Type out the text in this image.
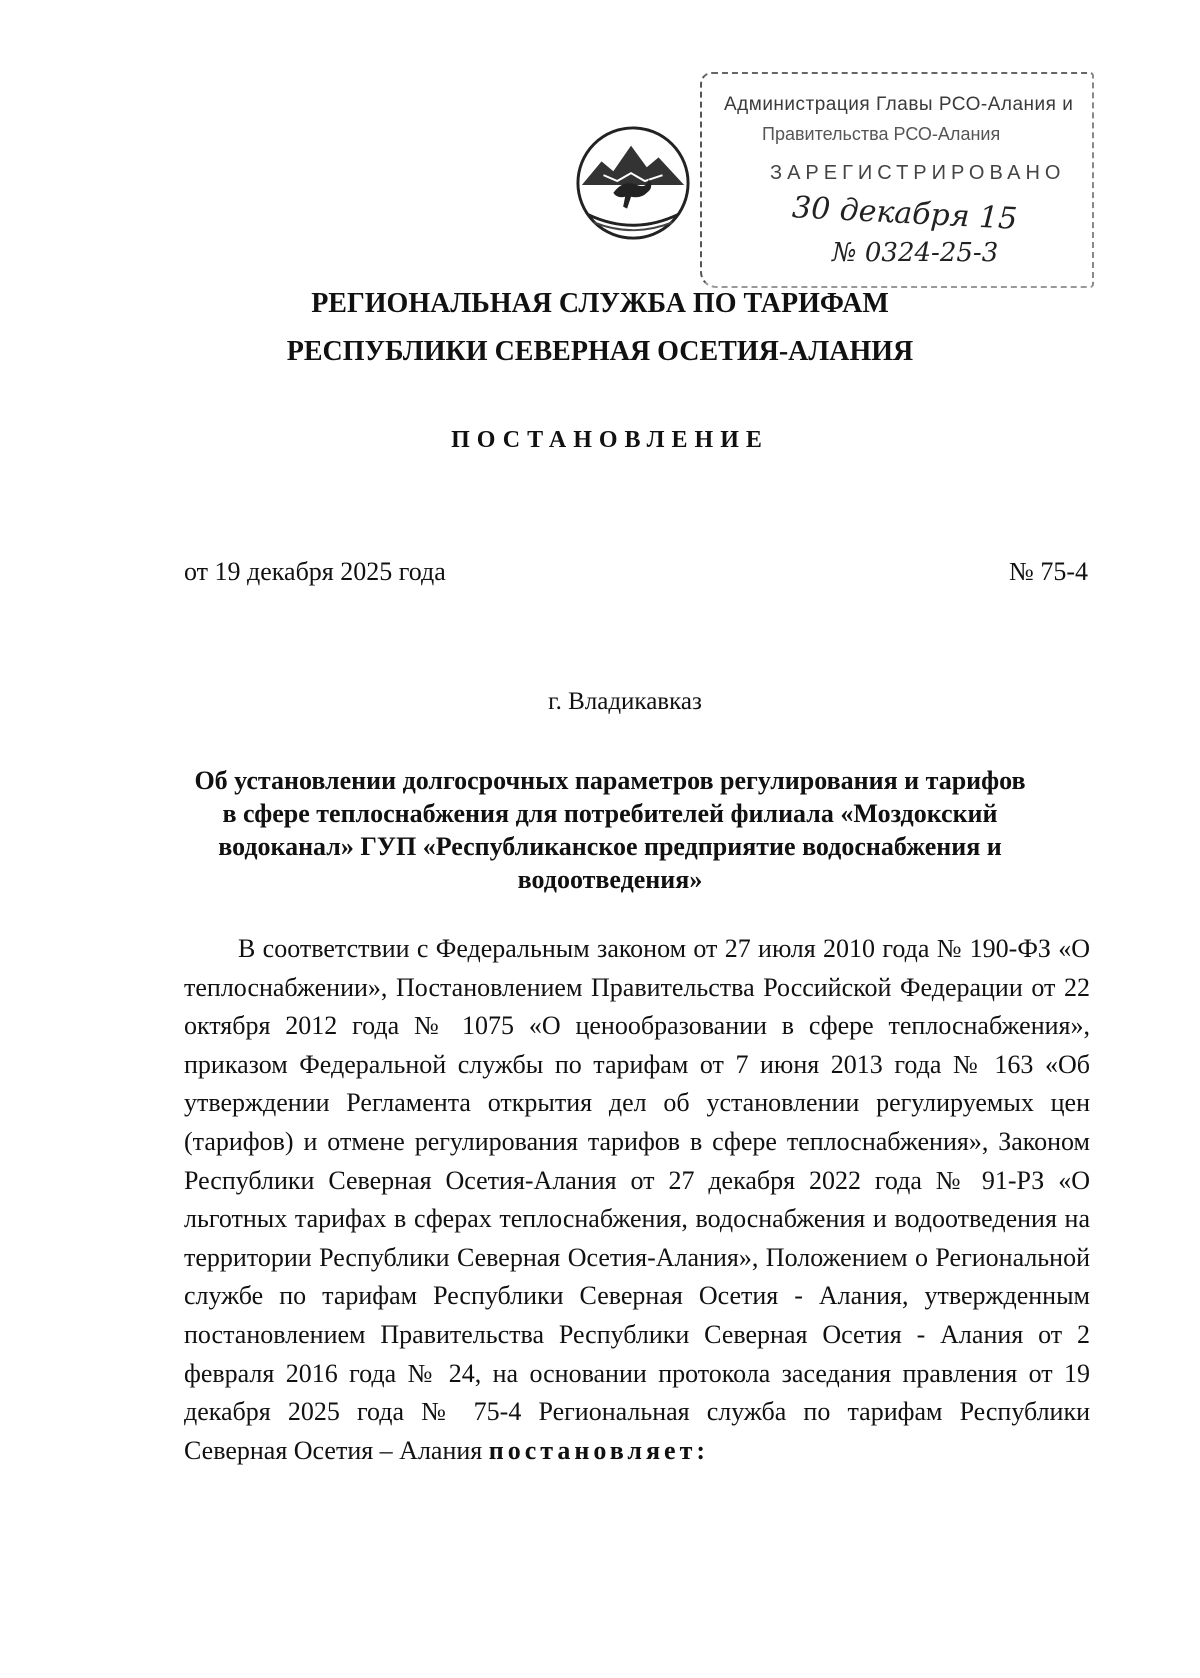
Администрация Главы РСО-Алания и
Правительства РСО-Алания
ЗАРЕГИСТРИРОВАНО
30 декабря 15
№ 0324-25-3
РЕГИОНАЛЬНАЯ СЛУЖБА ПО ТАРИФАМ
РЕСПУБЛИКИ СЕВЕРНАЯ ОСЕТИЯ-АЛАНИЯ
ПОСТАНОВЛЕНИЕ
от 19 декабря 2025 года	№ 75-4
г. Владикавказ
Об установлении долгосрочных параметров регулирования и тарифов в сфере теплоснабжения для потребителей филиала «Моздокский водоканал» ГУП «Республиканское предприятие водоснабжения и водоотведения»
В соответствии с Федеральным законом от 27 июля 2010 года № 190-ФЗ «О теплоснабжении», Постановлением Правительства Российской Федерации от 22 октября 2012 года № 1075 «О ценообразовании в сфере теплоснабжения», приказом Федеральной службы по тарифам от 7 июня 2013 года № 163 «Об утверждении Регламента открытия дел об установлении регулируемых цен (тарифов) и отмене регулирования тарифов в сфере теплоснабжения», Законом Республики Северная Осетия-Алания от 27 декабря 2022 года № 91-РЗ «О льготных тарифах в сферах теплоснабжения, водоснабжения и водоотведения на территории Республики Северная Осетия-Алания», Положением о Региональной службе по тарифам Республики Северная Осетия - Алания, утвержденным постановлением Правительства Республики Северная Осетия - Алания от 2 февраля 2016 года № 24, на основании протокола заседания правления от 19 декабря 2025 года № 75-4 Региональная служба по тарифам Республики Северная Осетия – Алания постановляет:
